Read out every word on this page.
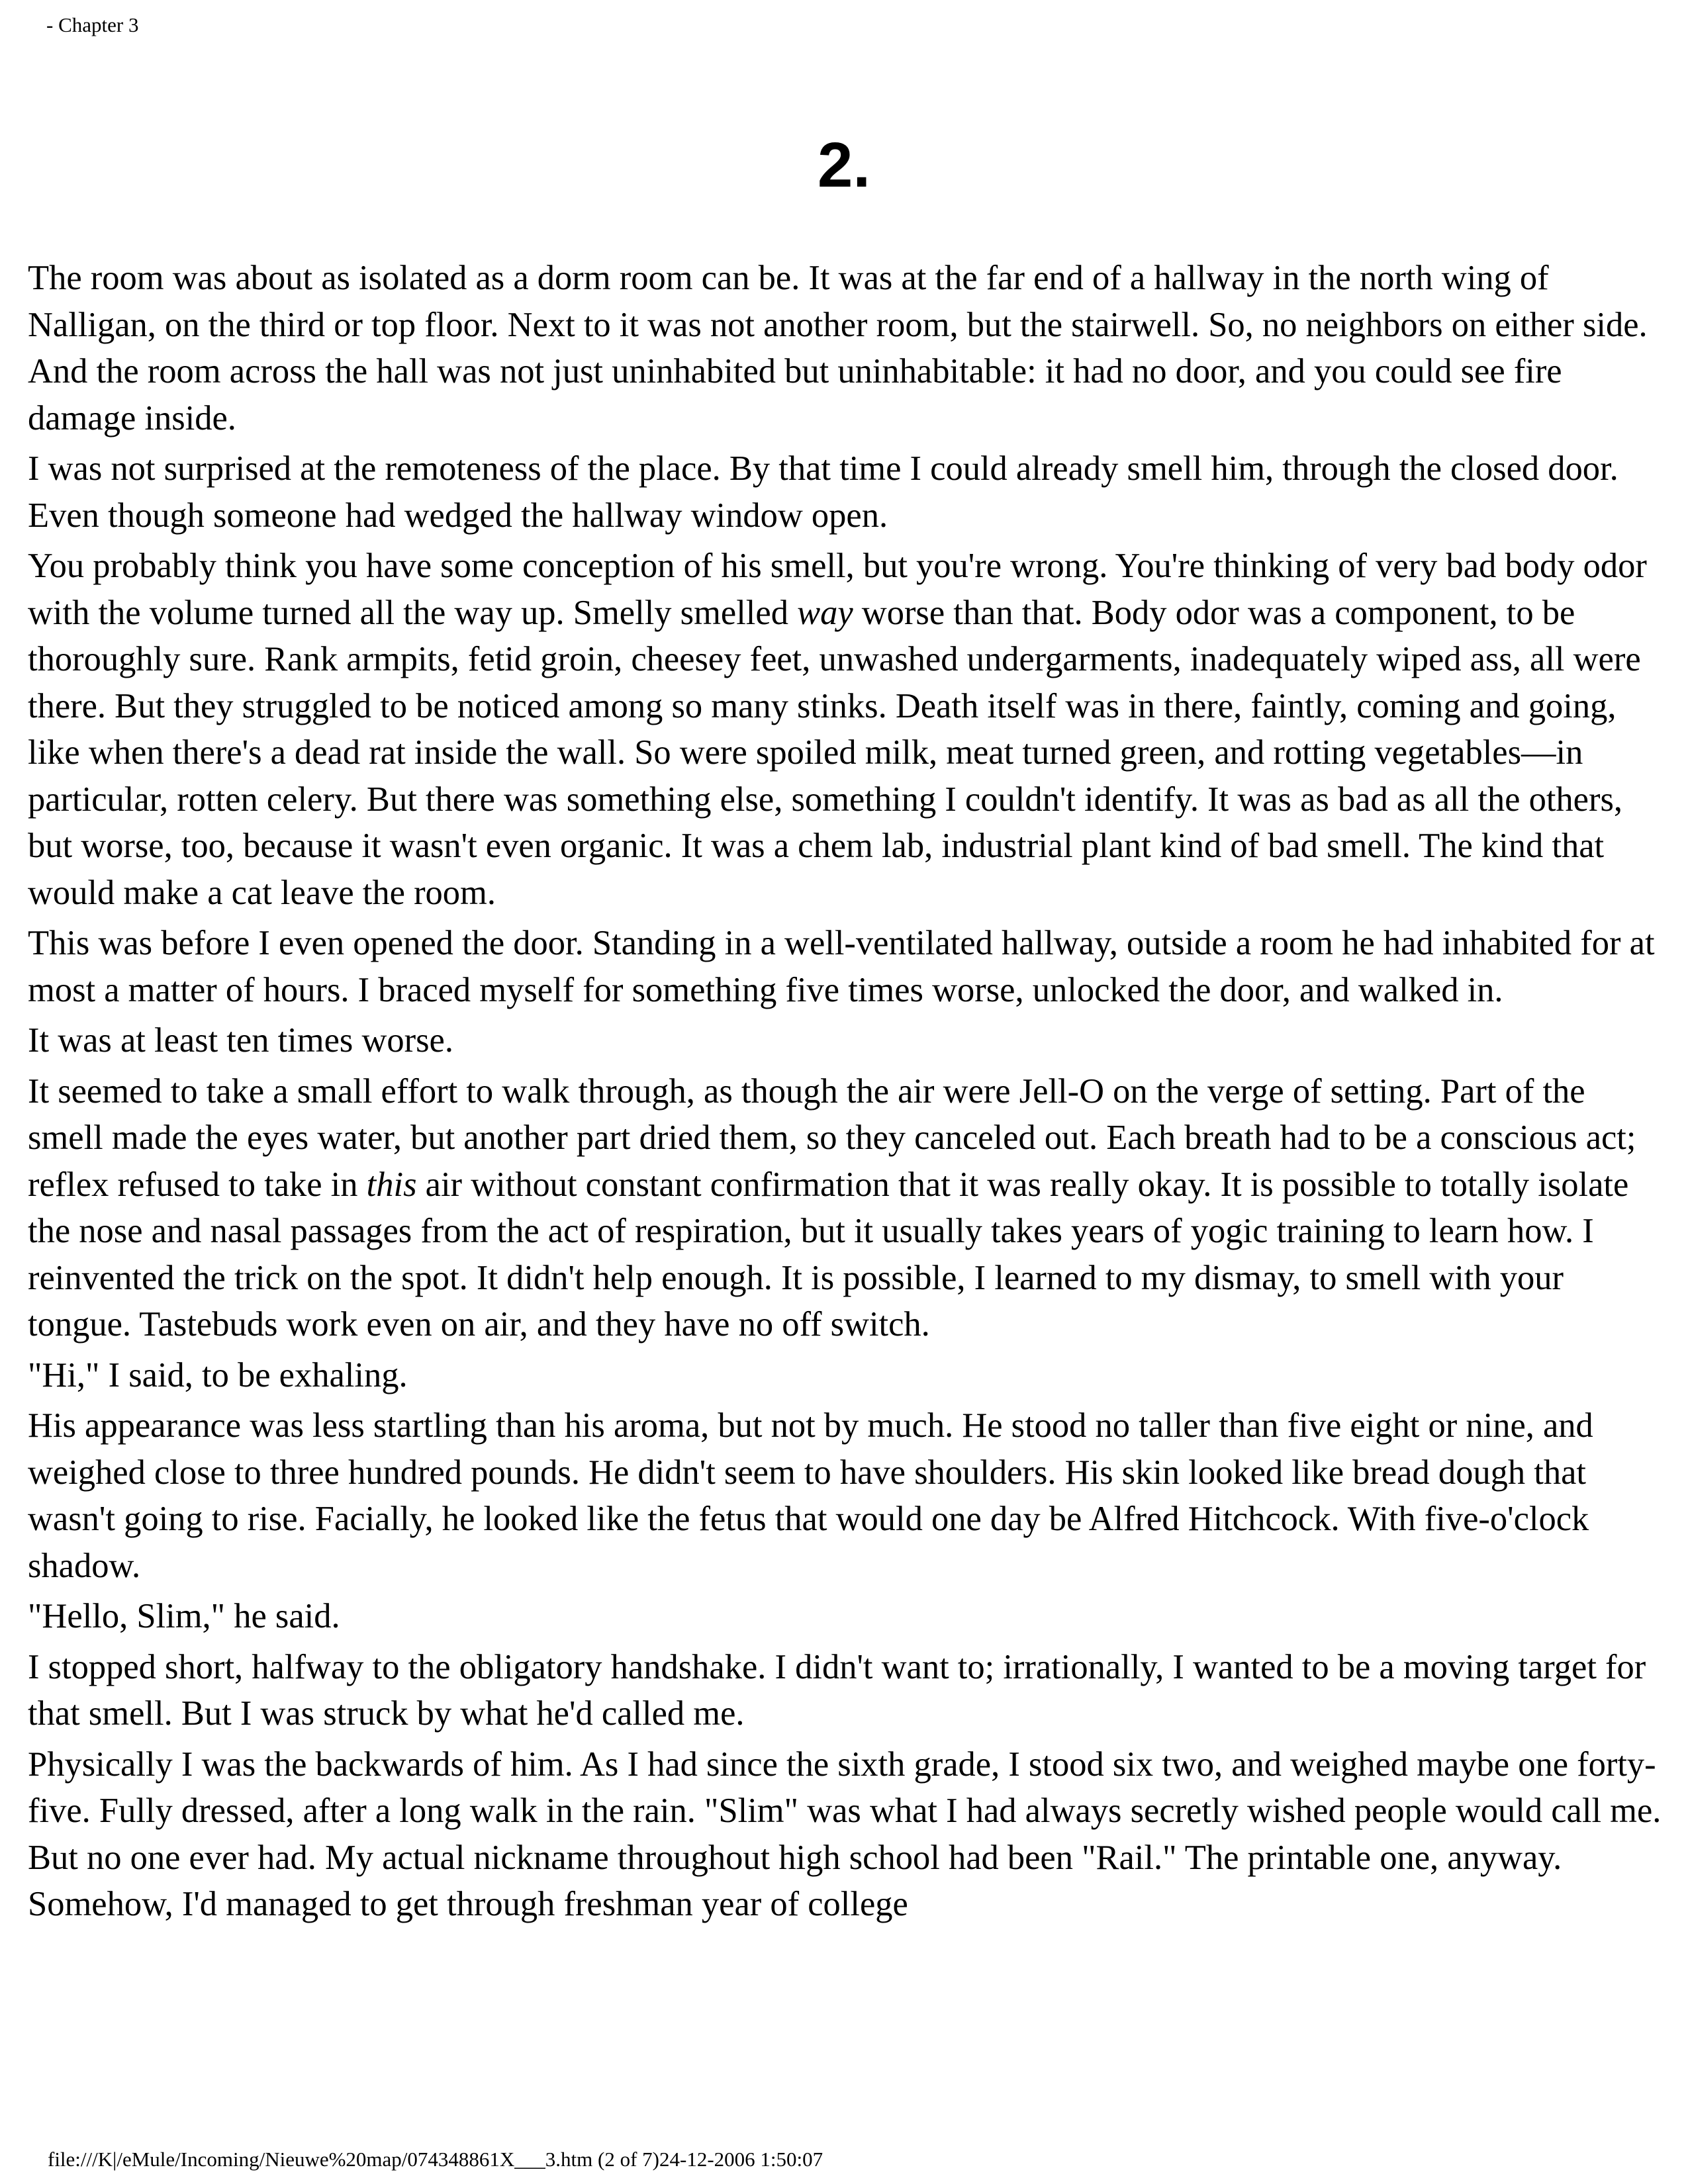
- Chapter 3
2.

The room was about as isolated as a dorm room can be. It was at the far end of a hallway in the north wing of Nalligan, on the third or top floor. Next to it was not another room, but the stairwell. So, no neighbors on either side. And the room across the hall was not just uninhabited but uninhabitable: it had no door, and you could see fire damage inside.

I was not surprised at the remoteness of the place. By that time I could already smell him, through the closed door. Even though someone had wedged the hallway window open.

You probably think you have some conception of his smell, but you're wrong. You're thinking of very bad body odor with the volume turned all the way up. Smelly smelled way worse than that. Body odor was a component, to be thoroughly sure. Rank armpits, fetid groin, cheesey feet, unwashed undergarments, inadequately wiped ass, all were there. But they struggled to be noticed among so many stinks. Death itself was in there, faintly, coming and going, like when there's a dead rat inside the wall. So were spoiled milk, meat turned green, and rotting vegetables—in particular, rotten celery. But there was something else, something I couldn't identify. It was as bad as all the others, but worse, too, because it wasn't even organic. It was a chem lab, industrial plant kind of bad smell. The kind that would make a cat leave the room.

This was before I even opened the door. Standing in a well-ventilated hallway, outside a room he had inhabited for at most a matter of hours. I braced myself for something five times worse, unlocked the door, and walked in.

It was at least ten times worse.

It seemed to take a small effort to walk through, as though the air were Jell-O on the verge of setting. Part of the smell made the eyes water, but another part dried them, so they canceled out. Each breath had to be a conscious act; reflex refused to take in this air without constant confirmation that it was really okay. It is possible to totally isolate the nose and nasal passages from the act of respiration, but it usually takes years of yogic training to learn how. I reinvented the trick on the spot. It didn't help enough. It is possible, I learned to my dismay, to smell with your tongue. Tastebuds work even on air, and they have no off switch.

"Hi," I said, to be exhaling.

His appearance was less startling than his aroma, but not by much. He stood no taller than five eight or nine, and weighed close to three hundred pounds. He didn't seem to have shoulders. His skin looked like bread dough that wasn't going to rise. Facially, he looked like the fetus that would one day be Alfred Hitchcock. With five-o'clock shadow.

"Hello, Slim," he said.

I stopped short, halfway to the obligatory handshake. I didn't want to; irrationally, I wanted to be a moving target for that smell. But I was struck by what he'd called me.

Physically I was the backwards of him. As I had since the sixth grade, I stood six two, and weighed maybe one forty-five. Fully dressed, after a long walk in the rain. "Slim" was what I had always secretly wished people would call me. But no one ever had. My actual nickname throughout high school had been "Rail." The printable one, anyway. Somehow, I'd managed to get through freshman year of college

file:///K|/eMule/Incoming/Nieuwe%20map/074348861X___3.htm (2 of 7)24-12-2006 1:50:07
